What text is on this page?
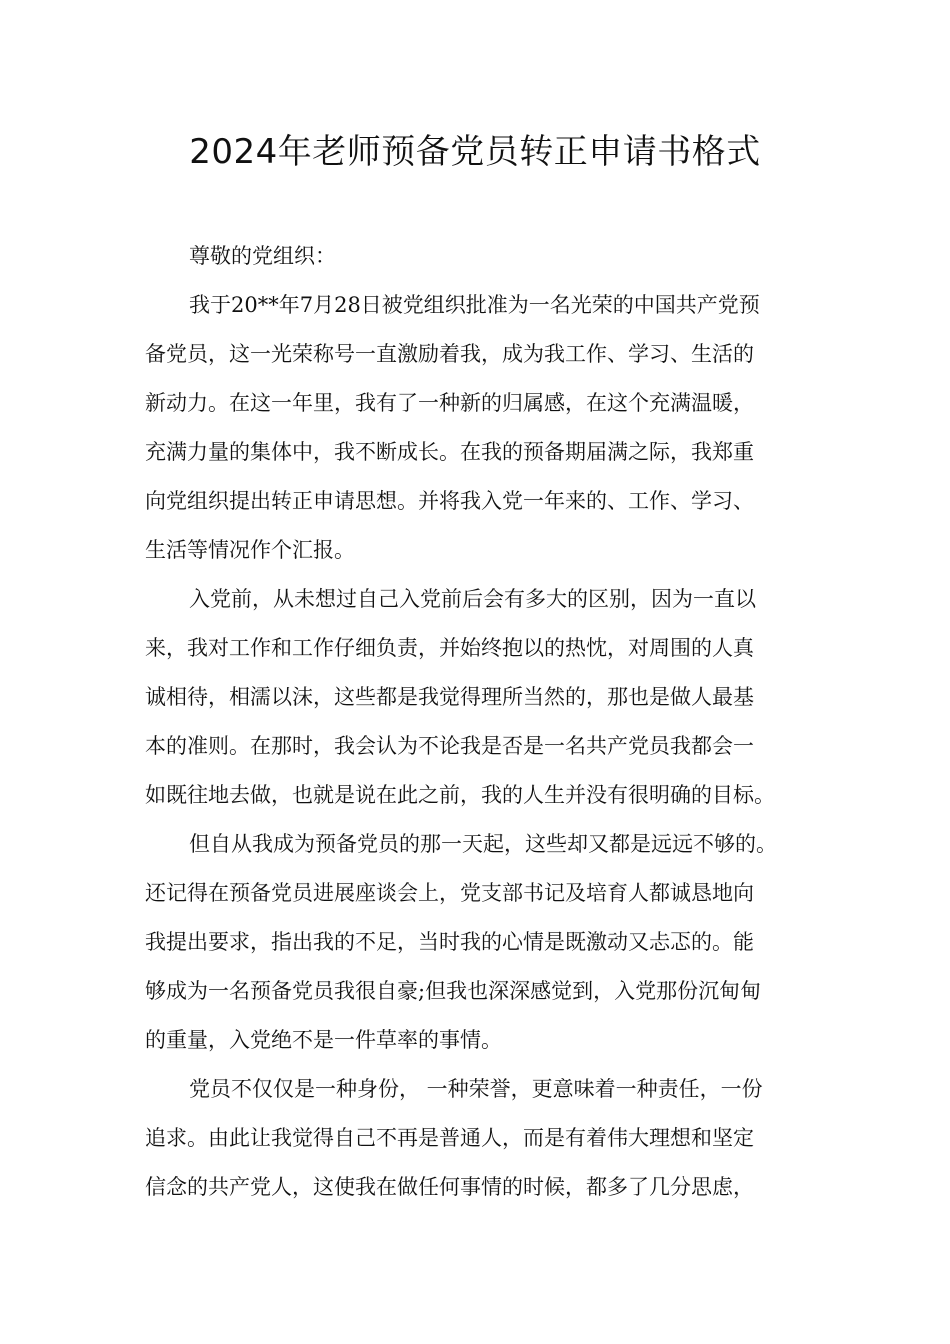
2024年老师预备党员转正申请书格式
尊敬的党组织：
我于20**年7月28日被党组织批准为一名光荣的中国共产党预
备党员，这一光荣称号一直激励着我，成为我工作、学习、生活的
新动力。在这一年里，我有了一种新的归属感，在这个充满温暖，
充满力量的集体中，我不断成长。在我的预备期届满之际，我郑重
向党组织提出转正申请思想。并将我入党一年来的、工作、学习、
生活等情况作个汇报。
入党前，从未想过自己入党前后会有多大的区别，因为一直以
来，我对工作和工作仔细负责，并始终抱以的热忱，对周围的人真
诚相待，相濡以沫，这些都是我觉得理所当然的，那也是做人最基
本的准则。在那时，我会认为不论我是否是一名共产党员我都会一
如既往地去做，也就是说在此之前，我的人生并没有很明确的目标。
但自从我成为预备党员的那一天起，这些却又都是远远不够的。
还记得在预备党员进展座谈会上，党支部书记及培育人都诚恳地向
我提出要求，指出我的不足，当时我的心情是既激动又忐忑的。能
够成为一名预备党员我很自豪;但我也深深感觉到，入党那份沉甸甸
的重量，入党绝不是一件草率的事情。
党员不仅仅是一种身份， 一种荣誉，更意味着一种责任，一份
追求。由此让我觉得自己不再是普通人，而是有着伟大理想和坚定
信念的共产党人，这使我在做任何事情的时候，都多了几分思虑，
